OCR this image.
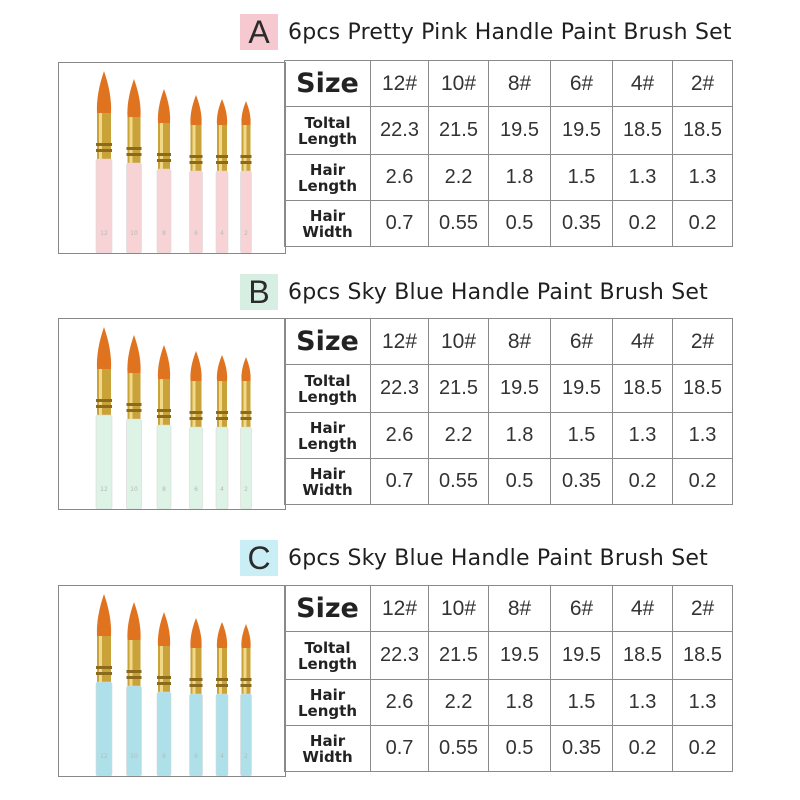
A 6pcs Pretty Pink Handle Paint Brush Set
12	10	8	6	4	2
Size	12#	10#	8#	6#	4#	2#

Toltal
Length	22.3	21.5	19.5	19.5	18.5	18.5

Hair
Length	2.6	2.2	1.8	1.5	1.3	1.3

Hair
Width	0.7	0.55	0.5	0.35	0.2	0.2
B 6pcs Sky Blue Handle Paint Brush Set
12	10	8	6	4	2
Size	12#	10#	8#	6#	4#	2#

Toltal
Length	22.3	21.5	19.5	19.5	18.5	18.5

Hair
Length	2.6	2.2	1.8	1.5	1.3	1.3

Hair
Width	0.7	0.55	0.5	0.35	0.2	0.2
C 6pcs Sky Blue Handle Paint Brush Set
12	10	8	6	4	2
Size	12#	10#	8#	6#	4#	2#

Toltal
Length	22.3	21.5	19.5	19.5	18.5	18.5

Hair
Length	2.6	2.2	1.8	1.5	1.3	1.3

Hair
Width	0.7	0.55	0.5	0.35	0.2	0.2
